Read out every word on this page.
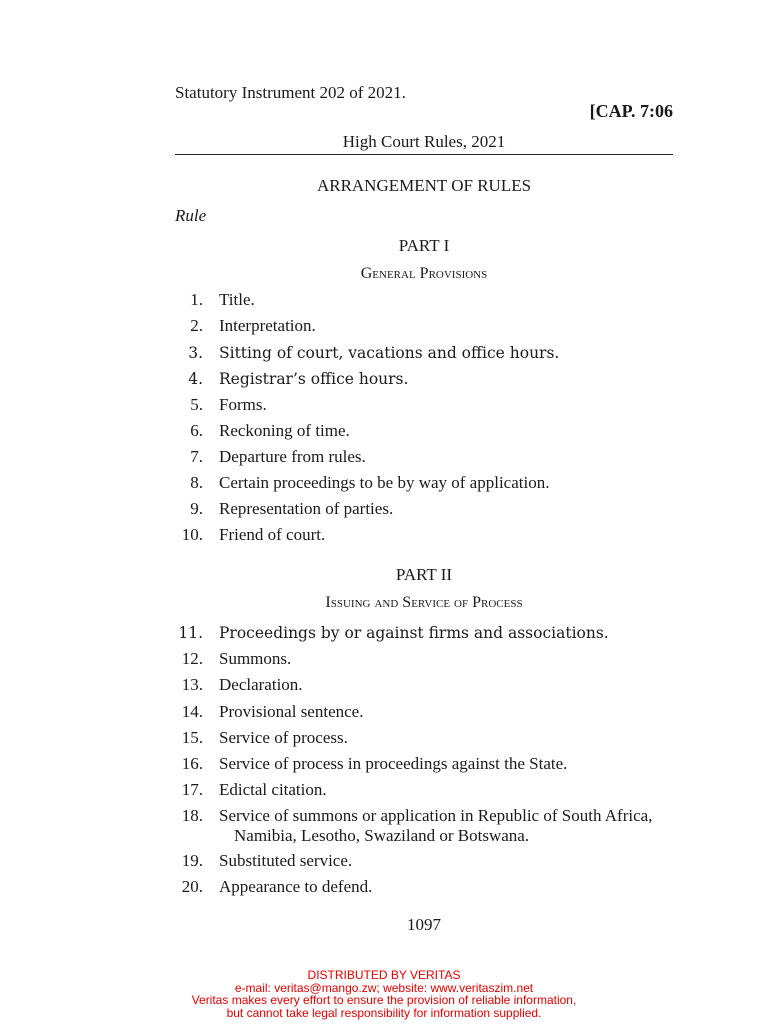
Statutory Instrument 202 of 2021.
[CAP. 7:06
High Court Rules, 2021
ARRANGEMENT OF RULES
Rule
PART I
General Provisions
1. Title.
2. Interpretation.
3. Sitting of court, vacations and office hours.
4. Registrar’s office hours.
5. Forms.
6. Reckoning of time.
7. Departure from rules.
8. Certain proceedings to be by way of application.
9. Representation of parties.
10. Friend of court.
PART II
Issuing and Service of Process
11. Proceedings by or against firms and associations.
12. Summons.
13. Declaration.
14. Provisional sentence.
15. Service of process.
16. Service of process in proceedings against the State.
17. Edictal citation.
18. Service of summons or application in Republic of South Africa,
Namibia, Lesotho, Swaziland or Botswana.
19. Substituted service.
20. Appearance to defend.
1097
DISTRIBUTED BY VERITAS
e-mail: veritas@mango.zw; website: www.veritaszim.net
Veritas makes every effort to ensure the provision of reliable information,
but cannot take legal responsibility for information supplied.
